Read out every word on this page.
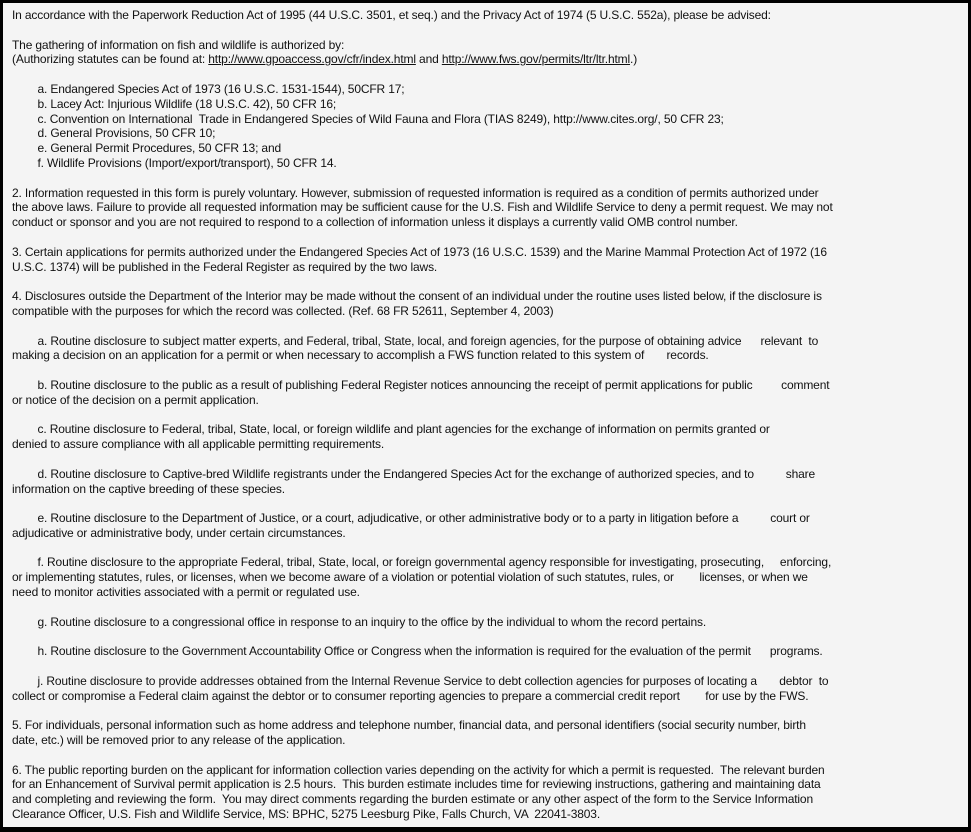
In accordance with the Paperwork Reduction Act of 1995 (44 U.S.C. 3501, et seq.) and the Privacy Act of 1974 (5 U.S.C. 552a), please be advised:
The gathering of information on fish and wildlife is authorized by:
(Authorizing statutes can be found at: http://www.gpoaccess.gov/cfr/index.html and http://www.fws.gov/permits/ltr/ltr.html.)
a. Endangered Species Act of 1973 (16 U.S.C. 1531-1544), 50CFR 17;
b. Lacey Act: Injurious Wildlife (18 U.S.C. 42), 50 CFR 16;
c. Convention on International  Trade in Endangered Species of Wild Fauna and Flora (TIAS 8249), http://www.cites.org/, 50 CFR 23;
d. General Provisions, 50 CFR 10;
e. General Permit Procedures, 50 CFR 13; and
f. Wildlife Provisions (Import/export/transport), 50 CFR 14.
2. Information requested in this form is purely voluntary. However, submission of requested information is required as a condition of permits authorized under
the above laws. Failure to provide all requested information may be sufficient cause for the U.S. Fish and Wildlife Service to deny a permit request. We may not
conduct or sponsor and you are not required to respond to a collection of information unless it displays a currently valid OMB control number.
3. Certain applications for permits authorized under the Endangered Species Act of 1973 (16 U.S.C. 1539) and the Marine Mammal Protection Act of 1972 (16
U.S.C. 1374) will be published in the Federal Register as required by the two laws.
4. Disclosures outside the Department of the Interior may be made without the consent of an individual under the routine uses listed below, if the disclosure is
compatible with the purposes for which the record was collected. (Ref. 68 FR 52611, September 4, 2003)
a. Routine disclosure to subject matter experts, and Federal, tribal, State, local, and foreign agencies, for the purpose of obtaining advice      relevant  to
making a decision on an application for a permit or when necessary to accomplish a FWS function related to this system of       records.
b. Routine disclosure to the public as a result of publishing Federal Register notices announcing the receipt of permit applications for public         comment
or notice of the decision on a permit application.
c. Routine disclosure to Federal, tribal, State, local, or foreign wildlife and plant agencies for the exchange of information on permits granted or
denied to assure compliance with all applicable permitting requirements.
d. Routine disclosure to Captive-bred Wildlife registrants under the Endangered Species Act for the exchange of authorized species, and to          share
information on the captive breeding of these species.
e. Routine disclosure to the Department of Justice, or a court, adjudicative, or other administrative body or to a party in litigation before a          court or
adjudicative or administrative body, under certain circumstances.
f. Routine disclosure to the appropriate Federal, tribal, State, local, or foreign governmental agency responsible for investigating, prosecuting,     enforcing,
or implementing statutes, rules, or licenses, when we become aware of a violation or potential violation of such statutes, rules, or        licenses, or when we
need to monitor activities associated with a permit or regulated use.
g. Routine disclosure to a congressional office in response to an inquiry to the office by the individual to whom the record pertains.
h. Routine disclosure to the Government Accountability Office or Congress when the information is required for the evaluation of the permit      programs.
j. Routine disclosure to provide addresses obtained from the Internal Revenue Service to debt collection agencies for purposes of locating a       debtor  to
collect or compromise a Federal claim against the debtor or to consumer reporting agencies to prepare a commercial credit report        for use by the FWS.
5. For individuals, personal information such as home address and telephone number, financial data, and personal identifiers (social security number, birth
date, etc.) will be removed prior to any release of the application.
6. The public reporting burden on the applicant for information collection varies depending on the activity for which a permit is requested.  The relevant burden
for an Enhancement of Survival permit application is 2.5 hours.  This burden estimate includes time for reviewing instructions, gathering and maintaining data
and completing and reviewing the form.  You may direct comments regarding the burden estimate or any other aspect of the form to the Service Information
Clearance Officer, U.S. Fish and Wildlife Service, MS: BPHC, 5275 Leesburg Pike, Falls Church, VA  22041-3803.
